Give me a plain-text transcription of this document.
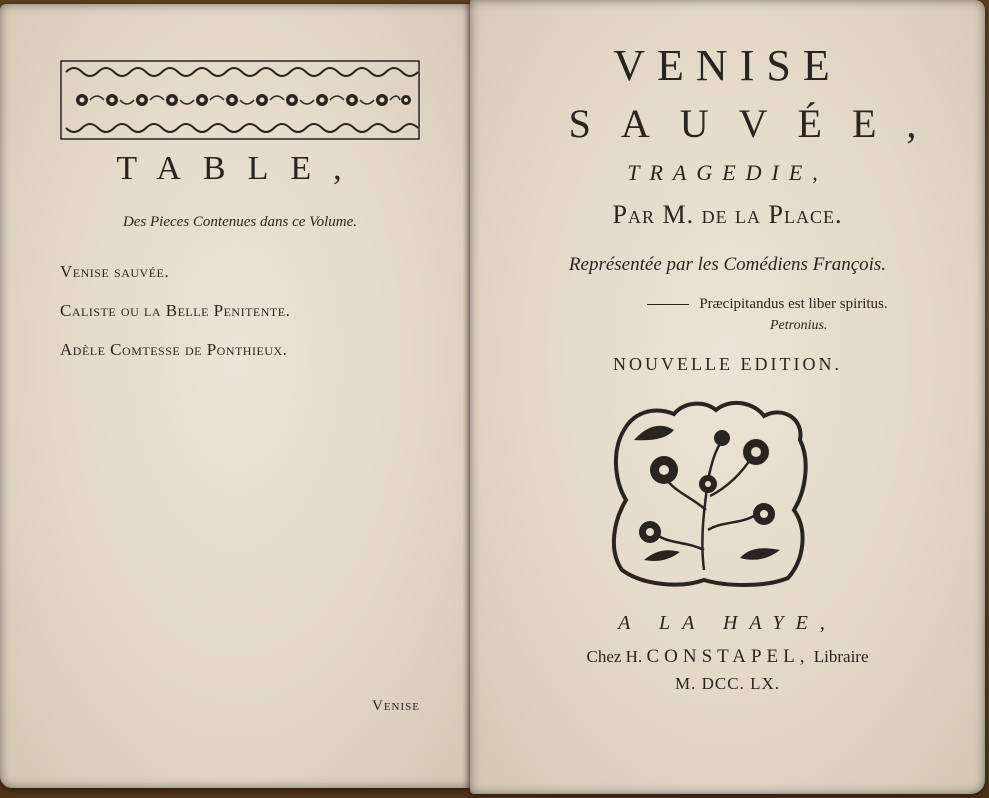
TABLE,
Des Pieces Contenues dans ce Volume.
Venise sauvée.
Caliste ou la Belle Penitente.
Adèle Comtesse de Ponthieux.
Venise
VENISE
SAUVÉE,
TRAGEDIE,
Par M. de la Place.
Représentée par les Comédiens François.
Præcipitandus est liber spiritus.
Petronius.
NOUVELLE EDITION.
A LA HAYE,
Chez H. CONSTAPEL, Libraire
M. DCC. LX.
